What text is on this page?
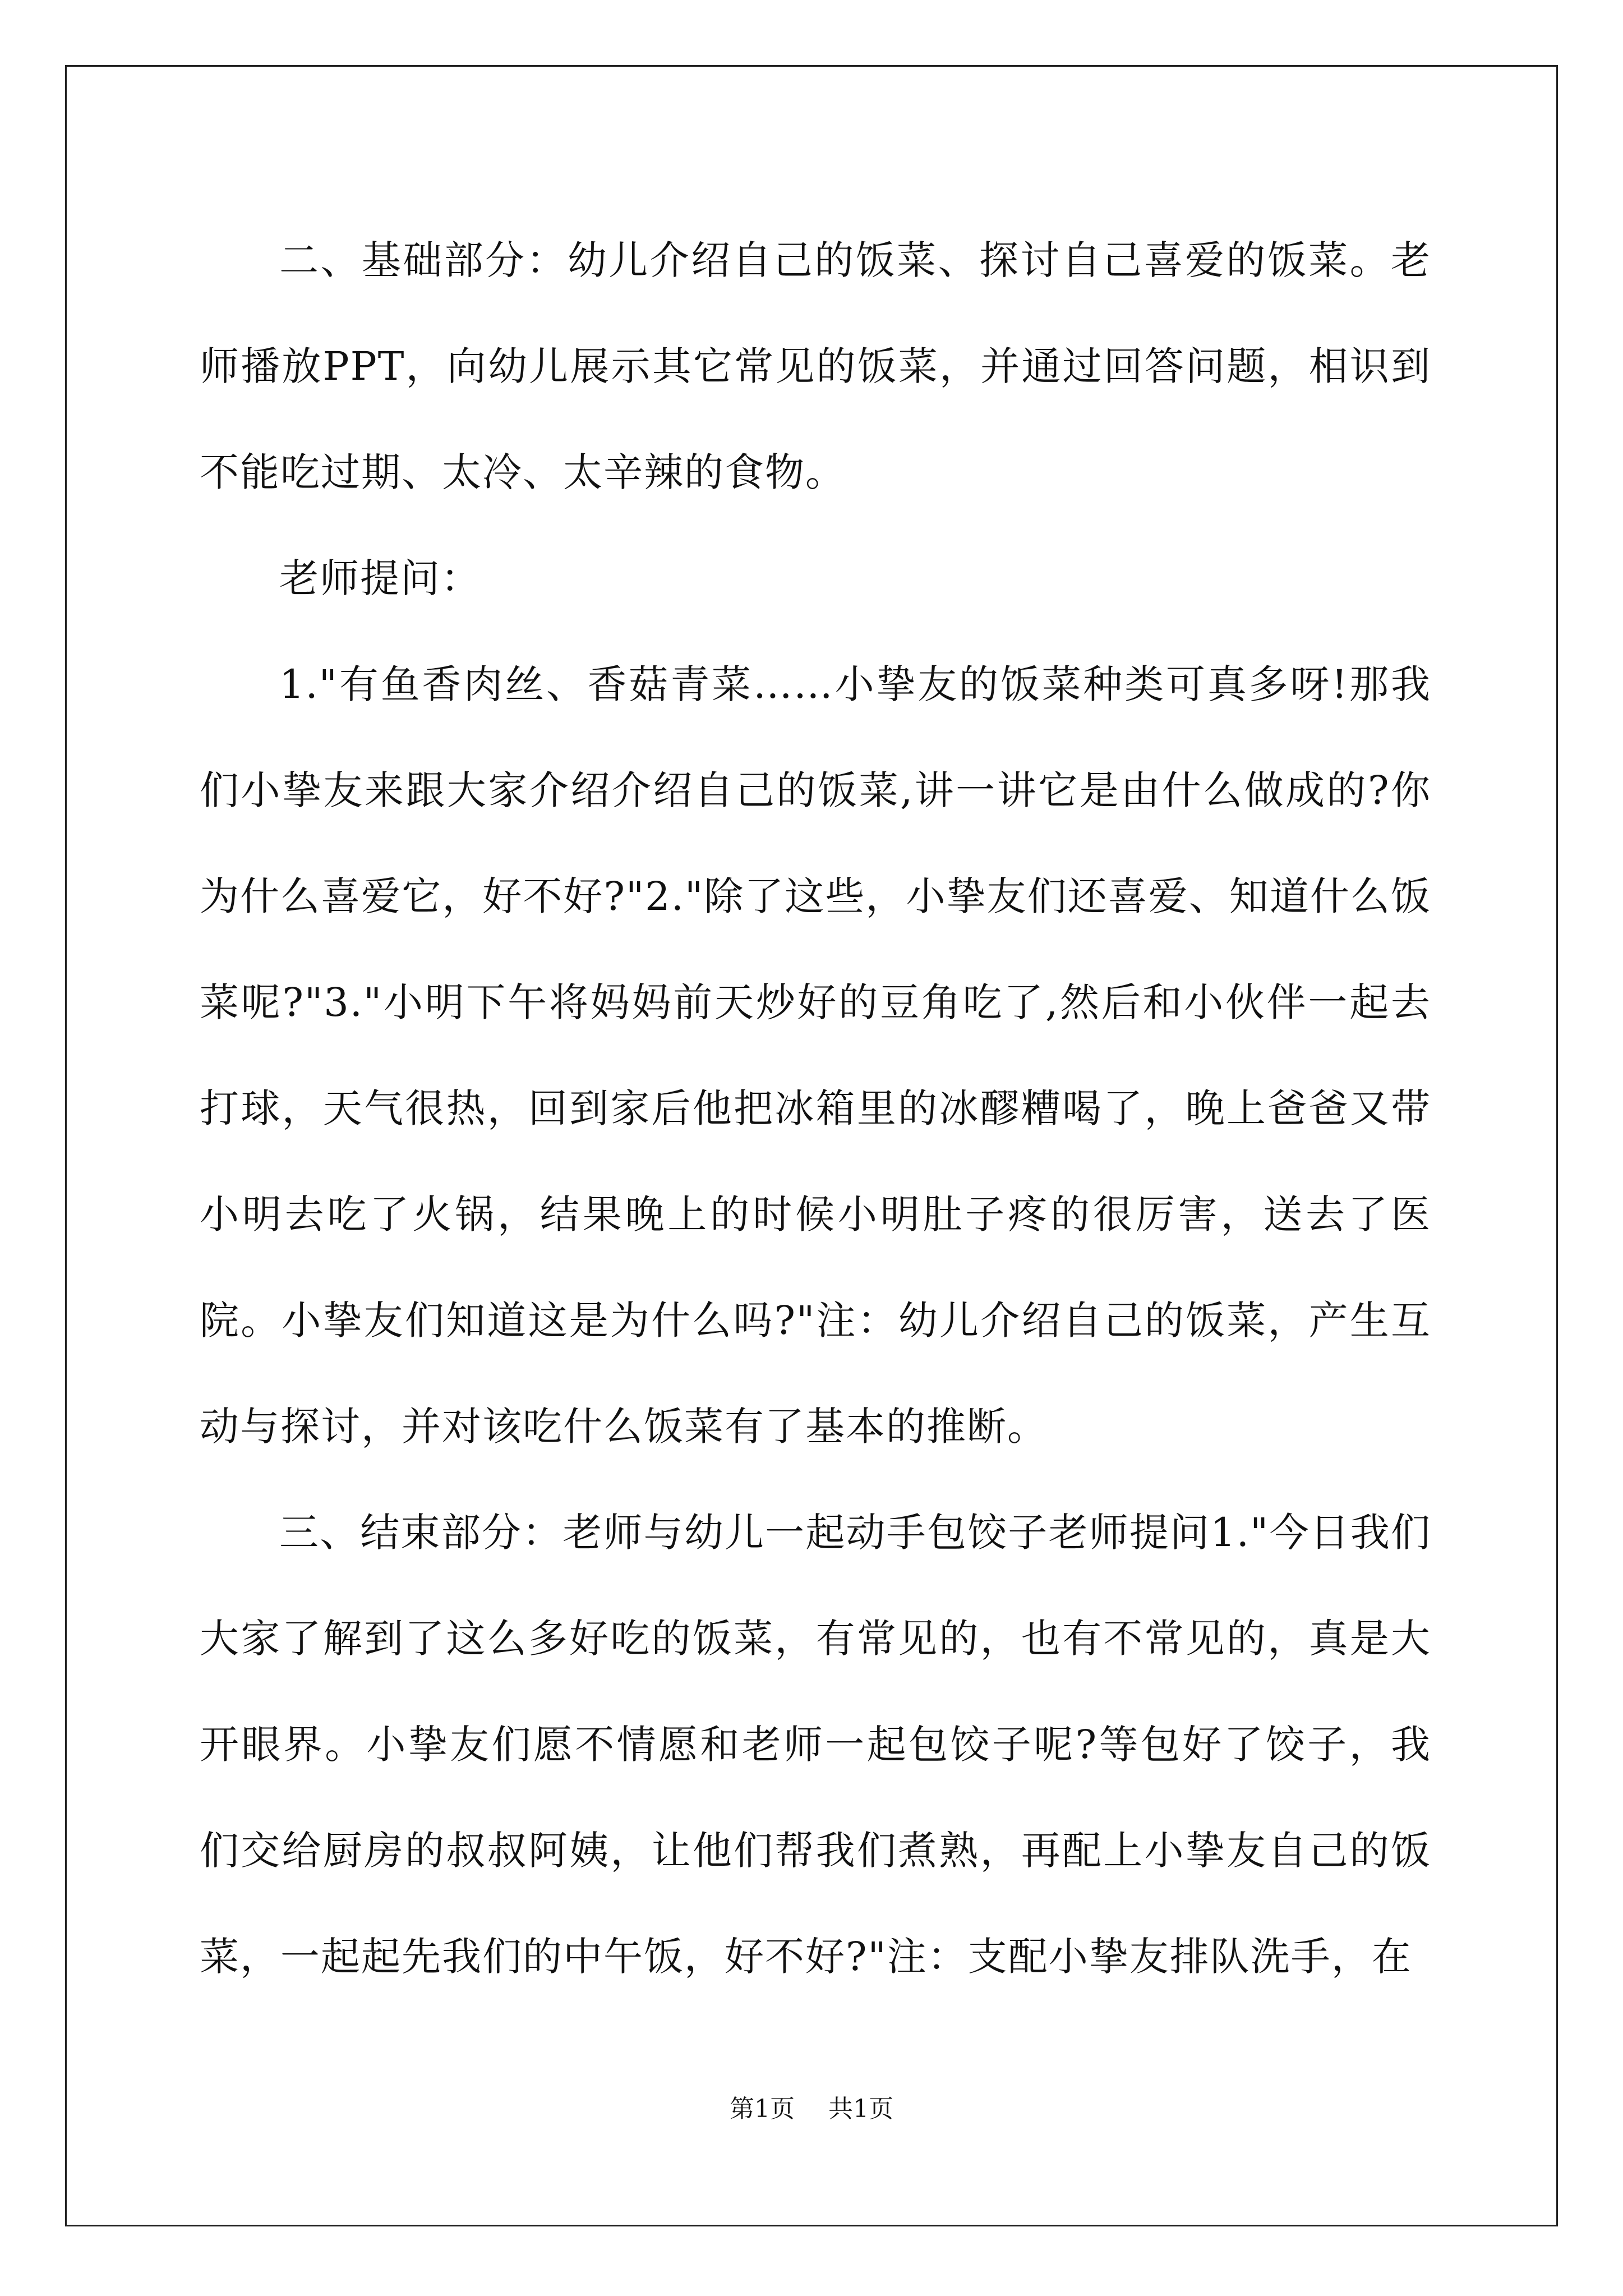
二、基础部分：幼儿介绍自己的饭菜、探讨自己喜爱的饭菜。老师播放PPT，向幼儿展示其它常见的饭菜，并通过回答问题，相识到不能吃过期、太冷、太辛辣的食物。

老师提问：

1."有鱼香肉丝、香菇青菜……小挚友的饭菜种类可真多呀!那我们小挚友来跟大家介绍介绍自己的饭菜,讲一讲它是由什么做成的?你为什么喜爱它，好不好?"2."除了这些，小挚友们还喜爱、知道什么饭菜呢?"3."小明下午将妈妈前天炒好的豆角吃了,然后和小伙伴一起去打球，天气很热，回到家后他把冰箱里的冰醪糟喝了，晚上爸爸又带小明去吃了火锅，结果晚上的时候小明肚子疼的很厉害，送去了医院。小挚友们知道这是为什么吗?"注：幼儿介绍自己的饭菜，产生互动与探讨，并对该吃什么饭菜有了基本的推断。

三、结束部分：老师与幼儿一起动手包饺子老师提问1."今日我们大家了解到了这么多好吃的饭菜，有常见的，也有不常见的，真是大开眼界。小挚友们愿不情愿和老师一起包饺子呢?等包好了饺子，我们交给厨房的叔叔阿姨，让他们帮我们煮熟，再配上小挚友自己的饭菜，一起起先我们的中午饭，好不好?"注：支配小挚友排队洗手，在

第1页 共1页
